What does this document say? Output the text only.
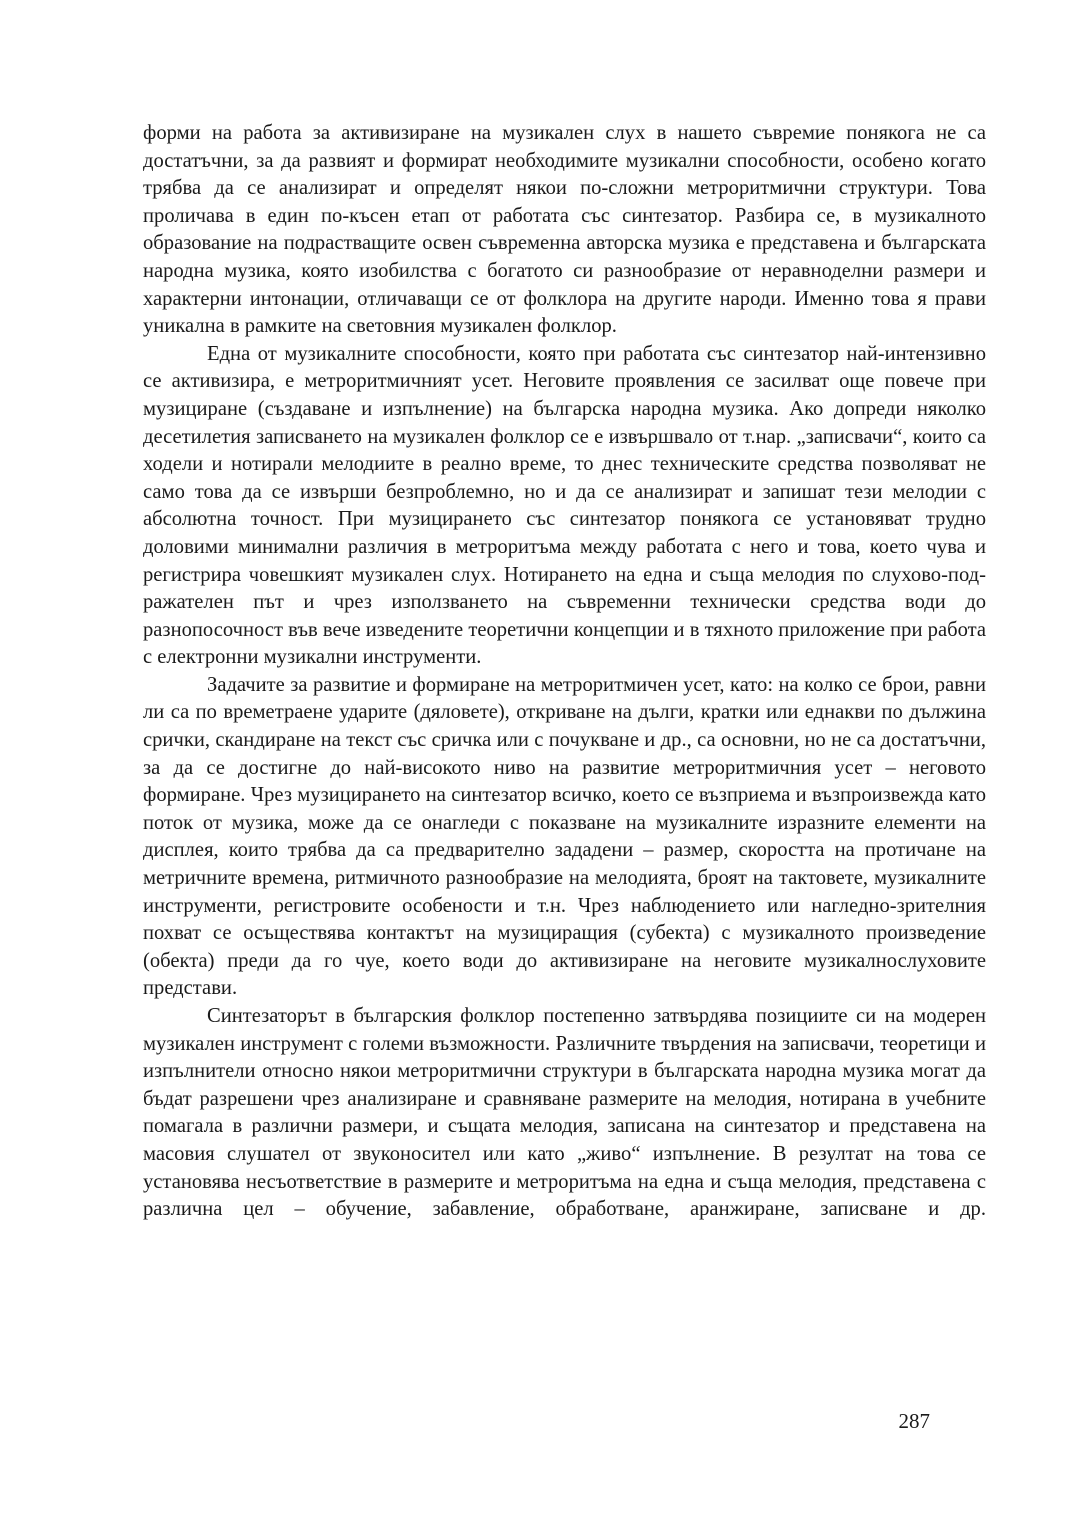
форми на работа за активизиране на музикален слух в нашето съвремие понякога не са достатъчни, за да развият и формират необходимите музикални способности, особено когато трябва да се анализират и определят някои по-сложни метроритмични структури. Това проличава в един по-късен етап от работата със синтезатор. Разбира се, в музикалното образование на подрастващите освен съвременна авторска музика е представена и българската народна музика, която изобилства с богатото си разнообразие от неравноделни размери и характерни интонации, отличаващи се от фолклора на другите народи. Именно това я прави уникална в рамките на световния музикален фолклор.

Една от музикалните способности, която при работата със синтезатор най-интензивно се активизира, е метроритмичният усет. Неговите проявления се засилват още повече при музициране (създаване и изпълнение) на българска народна музика. Ако допреди няколко десетилетия записването на музикален фолклор се е извършвало от т.нар. „записвачи“, които са ходели и нотирали мелодиите в реално време, то днес техническите средства позволяват не само това да се извърши безпроблемно, но и да се анализират и запишат тези мелодии с абсолютна точност. При музицирането със синтезатор понякога се установяват трудно доловими минимални различия в метроритъма между работата с него и това, което чува и регистрира човешкият музикален слух. Нотирането на една и съща мелодия по слухово-подражателен път и чрез използването на съвременни технически средства води до разнопосочност във вече изведените теоретични концепции и в тяхното приложение при работа с електронни музикални инструменти.

Задачите за развитие и формиране на метроритмичен усет, като: на колко се брои, равни ли са по времетраене ударите (дяловете), откриване на дълги, кратки или еднакви по дължина срички, скандиране на текст със сричка или с почукване и др., са основни, но не са достатъчни, за да се достигне до най-високото ниво на развитие метроритмичния усет – неговото формиране. Чрез музицирането на синтезатор всичко, което се възприема и възпроизвежда като поток от музика, може да се онагледи с показване на музикалните изразните елементи на дисплея, които трябва да са предварително зададени – размер, скоростта на протичане на метричните времена, ритмичното разнообразие на мелодията, броят на тактовете, музикалните инструменти, регистровите особености и т.н. Чрез наблюдението или нагледно-зрителния похват се осъществява контактът на музициращия (субекта) с музикалното произведение (обекта) преди да го чуе, което води до активизиране на неговите музикалнослуховите представи.

Синтезаторът в българския фолклор постепенно затвърдява позициите си на модерен музикален инструмент с големи възможности. Различните твърдения на записвачи, теоретици и изпълнители относно някои метроритмични структури в българската народна музика могат да бъдат разрешени чрез анализиране и сравняване размерите на мелодия, нотирана в учебните помагала в различни размери, и същата мелодия, записана на синтезатор и представена на масовия слушател от звуконосител или като „живо“ изпълнение. В резултат на това се установява несъответствие в размерите и метроритъма на една и съща мелодия, представена с различна цел – обучение, забавление, обработване, аранжиране, записване и др.

287
